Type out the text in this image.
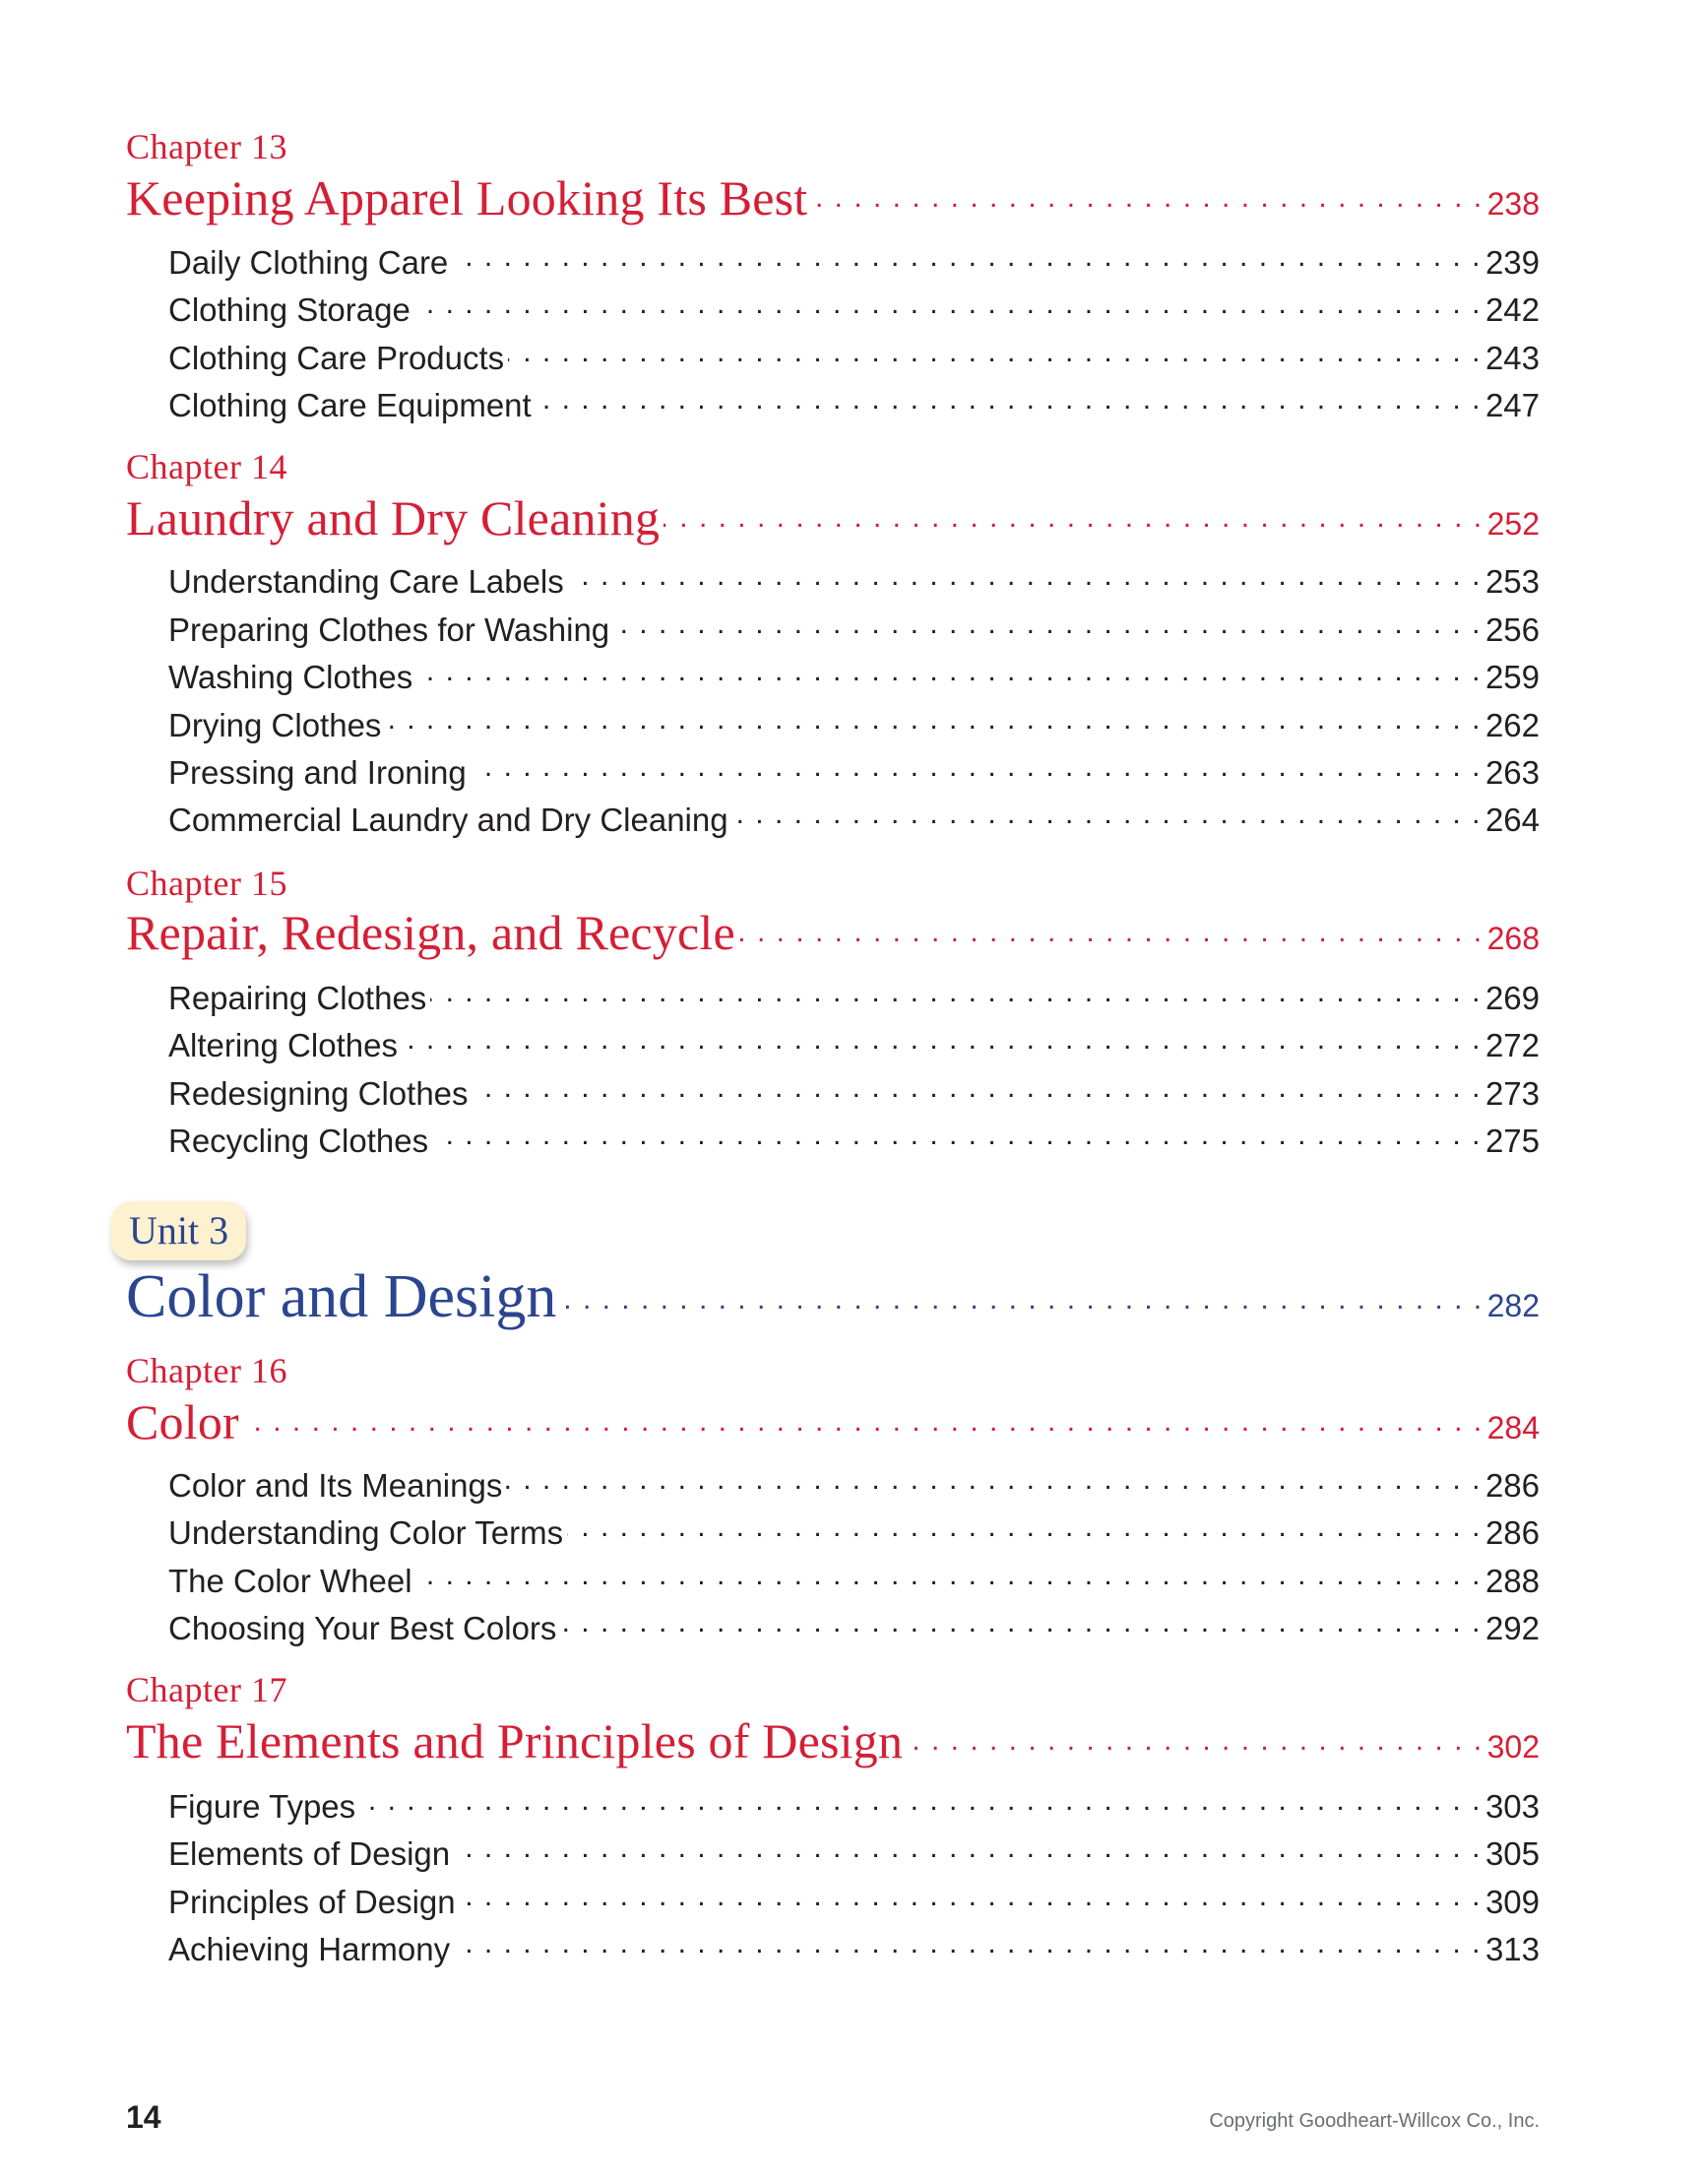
Chapter 13
Keeping Apparel Looking Its Best . . .	238
Daily Clothing Care . . .	239
Clothing Storage . . .	242
Clothing Care Products . . .	243
Clothing Care Equipment . . .	247
Chapter 14
Laundry and Dry Cleaning . . .	252
Understanding Care Labels . . .	253
Preparing Clothes for Washing . . .	256
Washing Clothes . . .	259
Drying Clothes . . .	262
Pressing and Ironing . . .	263
Commercial Laundry and Dry Cleaning . . .	264
Chapter 15
Repair, Redesign, and Recycle . . .	268
Repairing Clothes . . .	269
Altering Clothes . . .	272
Redesigning Clothes . . .	273
Recycling Clothes . . .	275
Unit 3
Color and Design . . .	282
Chapter 16
Color . . .	284
Color and Its Meanings . . .	286
Understanding Color Terms . . .	286
The Color Wheel . . .	288
Choosing Your Best Colors . . .	292
Chapter 17
The Elements and Principles of Design . . .	302
Figure Types . . .	303
Elements of Design . . .	305
Principles of Design . . .	309
Achieving Harmony . . .	313
14	Copyright Goodheart-Willcox Co., Inc.
